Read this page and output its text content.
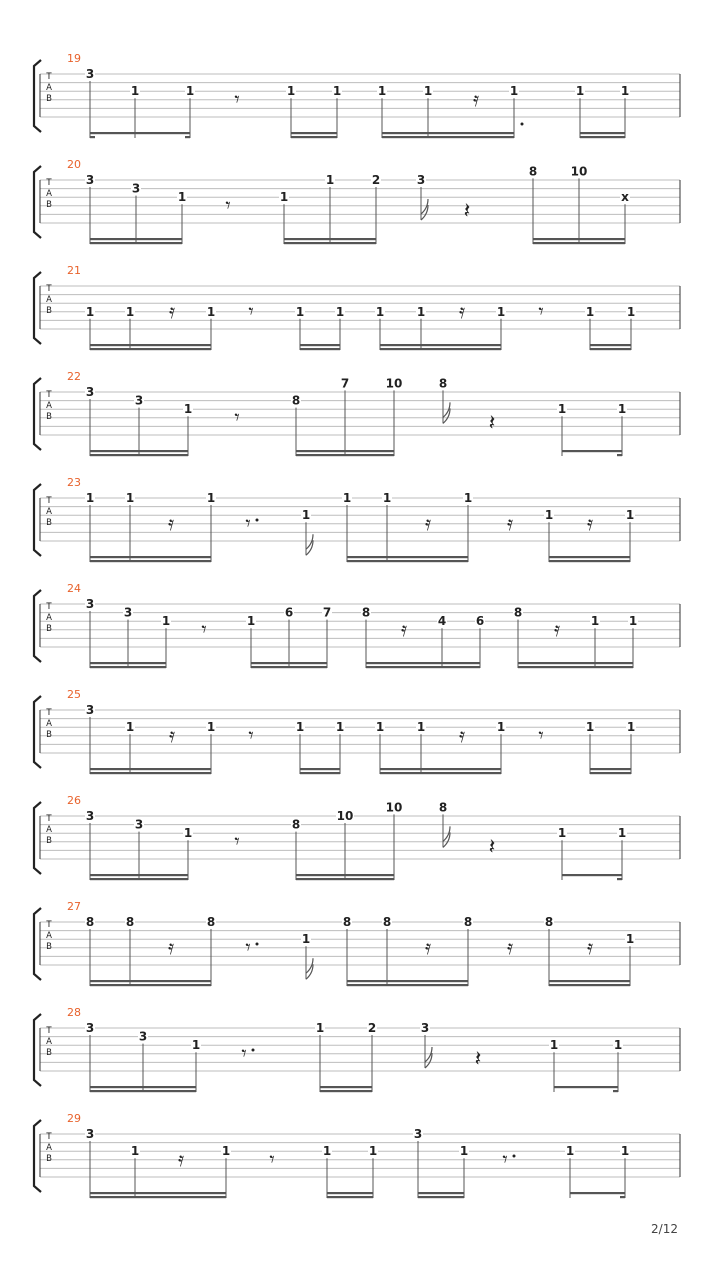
T
A
B
19
3
1	1	1	1	1	1	1	1	1
𝄾	𝄿
T
A
B
20
3
3
1	1
1	2	3
8	10
x
𝄾	𝄽
T
A
B
21
1	1	1	1	1	1	1	1	1	1
𝄿	𝄾	𝄿	𝄾
T
A
B
22
3
3
1
8
7	10	8
1	1
𝄾	𝄽
T
A
B
23
1	1	1
1
1	1	1
1	1
𝄿	𝄾	𝄿	𝄿	𝄿
T
A
B
24
3
3
1	1
6 7	8
4 6
8
1 1
𝄾	𝄿	𝄿
T
A
B
25
3
1	1	1	1	1	1	1	1	1
𝄿	𝄾	𝄿	𝄾
T
A
B
26
3
3
1
8
10
10	8
1	1
𝄾	𝄽
T
A
B
27
8	8	8
1
8	8	8	8
1
𝄿	𝄾	𝄿	𝄿	𝄿
T
A
B
28
3
3
1
1	2	3
1	1
𝄾	𝄽
T
A
B
29
3
1	1	1	1
3
1	1	1
𝄿	𝄾	𝄾
2/12
